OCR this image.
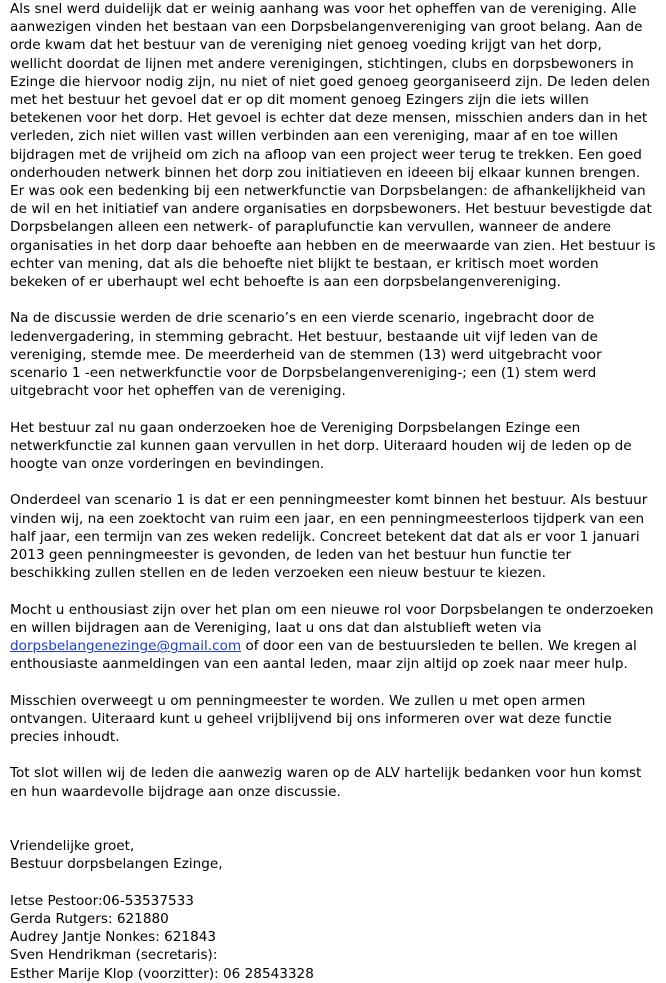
Als snel werd duidelijk dat er weinig aanhang was voor het opheffen van de vereniging. Alle aanwezigen vinden het bestaan van een Dorpsbelangenvereniging van groot belang. Aan de orde kwam dat het bestuur van de vereniging niet genoeg voeding krijgt van het dorp, wellicht doordat de lijnen met andere verenigingen, stichtingen, clubs en dorpsbewoners in Ezinge die hiervoor nodig zijn, nu niet of niet goed genoeg georganiseerd zijn. De leden delen met het bestuur het gevoel dat er op dit moment genoeg Ezingers zijn die iets willen betekenen voor het dorp. Het gevoel is echter dat deze mensen, misschien anders dan in het verleden, zich niet willen vast willen verbinden aan een vereniging, maar af en toe willen bijdragen met de vrijheid om zich na afloop van een project weer terug te trekken. Een goed onderhouden netwerk binnen het dorp zou initiatieven en ideeen bij elkaar kunnen brengen.

Er was ook een bedenking bij een netwerkfunctie van Dorpsbelangen: de afhankelijkheid van de wil en het initiatief van andere organisaties en dorpsbewoners. Het bestuur bevestigde dat Dorpsbelangen alleen een netwerk- of paraplufunctie kan vervullen, wanneer de andere organisaties in het dorp daar behoefte aan hebben en de meerwaarde van zien. Het bestuur is echter van mening, dat als die behoefte niet blijkt te bestaan, er kritisch moet worden bekeken of er uberhaupt wel echt behoefte is aan een dorpsbelangenvereniging.

Na de discussie werden de drie scenario’s en een vierde scenario, ingebracht door de ledenvergadering, in stemming gebracht. Het bestuur, bestaande uit vijf leden van de vereniging, stemde mee. De meerderheid van de stemmen (13) werd uitgebracht voor scenario 1 -een netwerkfunctie voor de Dorpsbelangenvereniging-; een (1) stem werd uitgebracht voor het opheffen van de vereniging.

Het bestuur zal nu gaan onderzoeken hoe de Vereniging Dorpsbelangen Ezinge een netwerkfunctie zal kunnen gaan vervullen in het dorp. Uiteraard houden wij de leden op de hoogte van onze vorderingen en bevindingen.

Onderdeel van scenario 1 is dat er een penningmeester komt binnen het bestuur. Als bestuur vinden wij, na een zoektocht van ruim een jaar, en een penningmeesterloos tijdperk van een half jaar, een termijn van zes weken redelijk. Concreet betekent dat dat als er voor 1 januari 2013 geen penningmeester is gevonden, de leden van het bestuur hun functie ter beschikking zullen stellen en de leden verzoeken een nieuw bestuur te kiezen.

Mocht u enthousiast zijn over het plan om een nieuwe rol voor Dorpsbelangen te onderzoeken en willen bijdragen aan de Vereniging, laat u ons dat dan alstublieft weten via dorpsbelangenezinge@gmail.com of door een van de bestuursleden te bellen. We kregen al enthousiaste aanmeldingen van een aantal leden, maar zijn altijd op zoek naar meer hulp.

Misschien overweegt u om penningmeester te worden. We zullen u met open armen ontvangen. Uiteraard kunt u geheel vrijblijvend bij ons informeren over wat deze functie precies inhoudt.

Tot slot willen wij de leden die aanwezig waren op de ALV hartelijk bedanken voor hun komst en hun waardevolle bijdrage aan onze discussie.

Vriendelijke groet,
Bestuur dorpsbelangen Ezinge,
Ietse Pestoor:06-53537533
Gerda Rutgers: 621880
Audrey Jantje Nonkes: 621843
Sven Hendrikman (secretaris):
Esther Marije Klop (voorzitter): 06 28543328
